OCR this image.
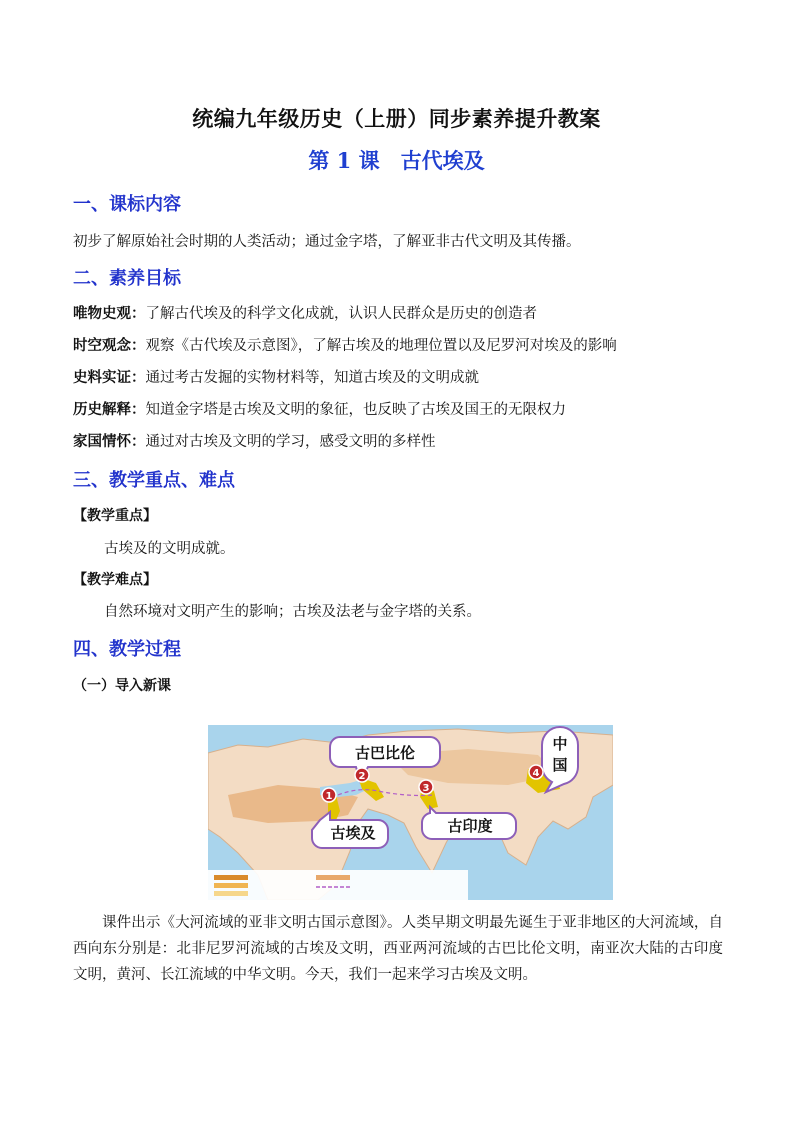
统编九年级历史（上册）同步素养提升教案
第 1 课　古代埃及
一、课标内容
初步了解原始社会时期的人类活动；通过金字塔，了解亚非古代文明及其传播。
二、素养目标
唯物史观：了解古代埃及的科学文化成就，认识人民群众是历史的创造者
时空观念：观察《古代埃及示意图》，了解古埃及的地理位置以及尼罗河对埃及的影响
史料实证：通过考古发掘的实物材料等，知道古埃及的文明成就
历史解释：知道金字塔是古埃及文明的象征，也反映了古埃及国王的无限权力
家国情怀：通过对古埃及文明的学习，感受文明的多样性
三、教学重点、难点
【教学重点】
古埃及的文明成就。
【教学难点】
自然环境对文明产生的影响；古埃及法老与金字塔的关系。
四、教学过程
（一）导入新课
古巴比伦
古埃及	古印度
中
国
1
2
3
4
课件出示《大河流域的亚非文明古国示意图》。人类早期文明最先诞生于亚非地区的大河流域，自西向东分别是：北非尼罗河流域的古埃及文明，西亚两河流域的古巴比伦文明，南亚次大陆的古印度文明，黄河、长江流域的中华文明。今天，我们一起来学习古埃及文明。
